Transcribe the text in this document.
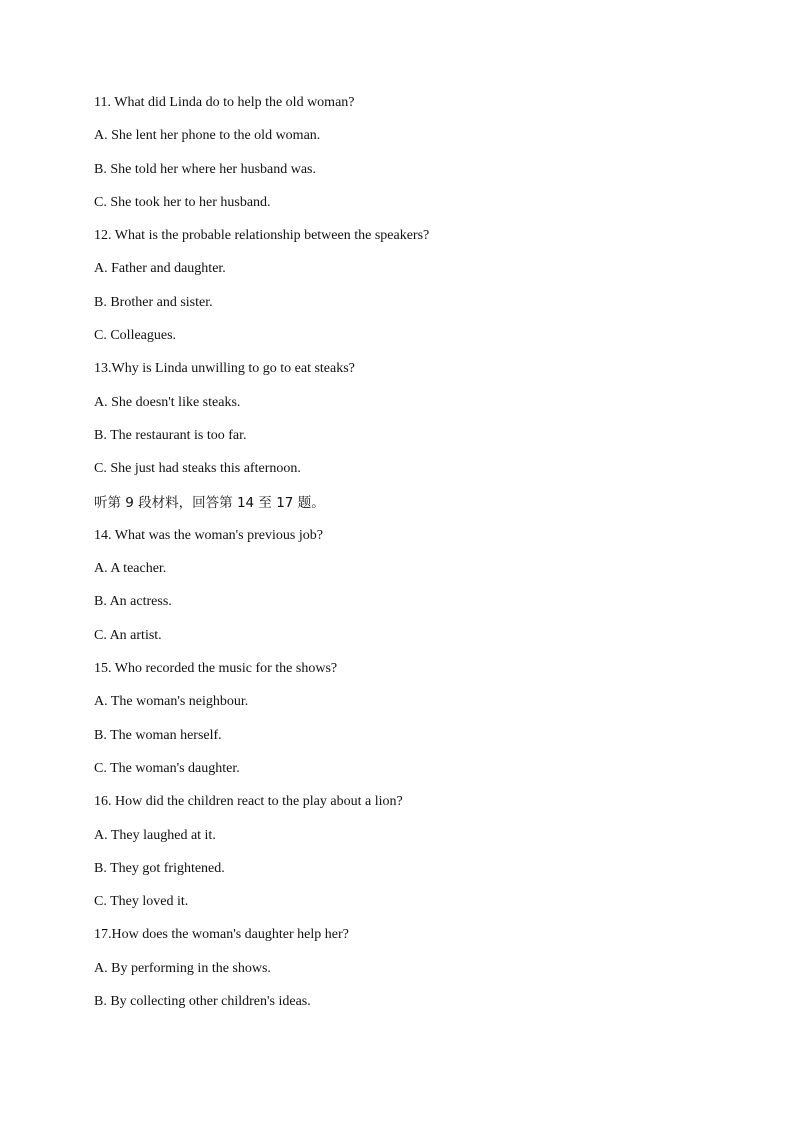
11. What did Linda do to help the old woman?
A. She lent her phone to the old woman.
B. She told her where her husband was.
C. She took her to her husband.
12. What is the probable relationship between the speakers?
A. Father and daughter.
B. Brother and sister.
C. Colleagues.
13.Why is Linda unwilling to go to eat steaks?
A. She doesn't like steaks.
B. The restaurant is too far.
C. She just had steaks this afternoon.
听第 9 段材料，回答第 14 至 17 题。
14. What was the woman's previous job?
A. A teacher.
B. An actress.
C. An artist.
15. Who recorded the music for the shows?
A. The woman's neighbour.
B. The woman herself.
C. The woman's daughter.
16. How did the children react to the play about a lion?
A. They laughed at it.
B. They got frightened.
C. They loved it.
17.How does the woman's daughter help her?
A. By performing in the shows.
B. By collecting other children's ideas.
